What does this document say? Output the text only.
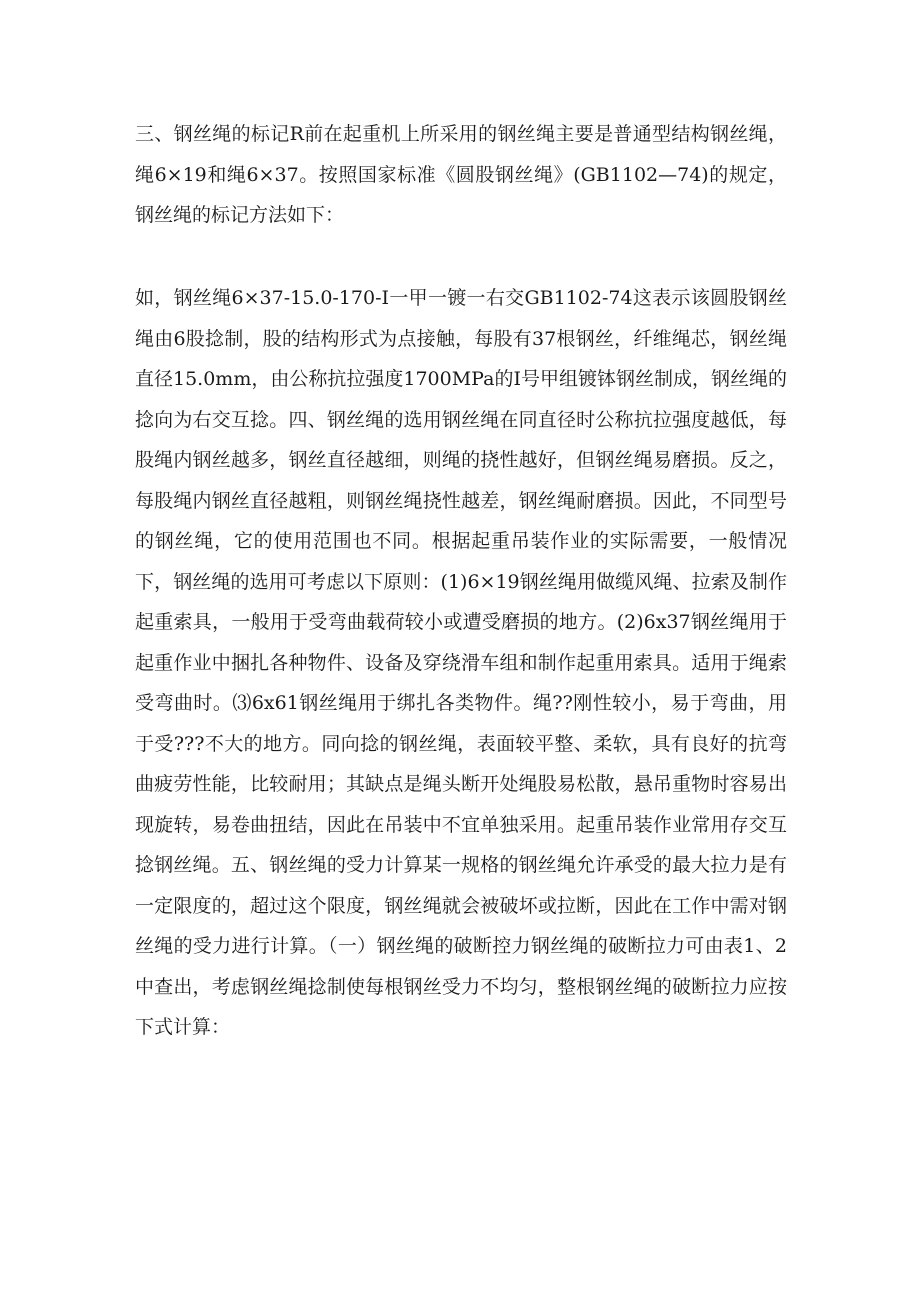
三、钢丝绳的标记R前在起重机上所采用的钢丝绳主要是普通型结构钢丝绳，绳6×19和绳6×37。按照国家标准《圆股钢丝绳》(GB1102—74)的规定，钢丝绳的标记方法如下：

如，钢丝绳6×37-15.0-170-I一甲一镀一右交GB1102-74这表示该圆股钢丝绳由6股捻制，股的结构形式为点接触，每股有37根钢丝，纤维绳芯，钢丝绳直径15.0mm，由公称抗拉强度1700MPa的I号甲组镀钵钢丝制成，钢丝绳的捻向为右交互捻。四、钢丝绳的选用钢丝绳在同直径时公称抗拉强度越低，每股绳内钢丝越多，钢丝直径越细，则绳的挠性越好，但钢丝绳易磨损。反之，每股绳内钢丝直径越粗，则钢丝绳挠性越差，钢丝绳耐磨损。因此，不同型号的钢丝绳，它的使用范围也不同。根据起重吊装作业的实际需要，一般情况下，钢丝绳的选用可考虑以下原则：(1)6×19钢丝绳用做缆风绳、拉索及制作起重索具，一般用于受弯曲载荷较小或遭受磨损的地方。(2)6x37钢丝绳用于起重作业中捆扎各种物件、设备及穿绕滑车组和制作起重用索具。适用于绳索受弯曲时。⑶6x61钢丝绳用于绑扎各类物件。绳??刚性较小，易于弯曲，用于受???不大的地方。同向捻的钢丝绳，表面较平整、柔软，具有良好的抗弯曲疲劳性能，比较耐用；其缺点是绳头断开处绳股易松散，悬吊重物时容易出现旋转，易卷曲扭结，因此在吊装中不宜单独采用。起重吊装作业常用存交互捻钢丝绳。五、钢丝绳的受力计算某一规格的钢丝绳允许承受的最大拉力是有一定限度的，超过这个限度，钢丝绳就会被破坏或拉断，因此在工作中需对钢丝绳的受力进行计算。（一）钢丝绳的破断控力钢丝绳的破断拉力可由表1、2中查出，考虑钢丝绳捻制使每根钢丝受力不均匀，整根钢丝绳的破断拉力应按下式计算：
